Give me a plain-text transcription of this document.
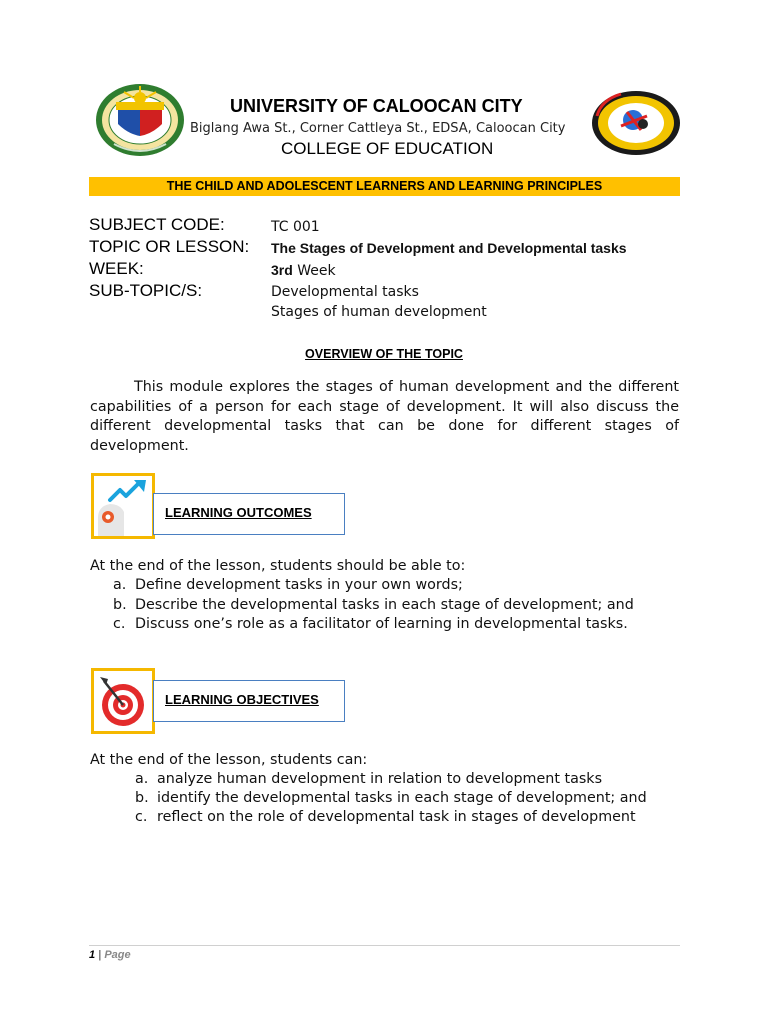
UNIVERSITY OF CALOOCAN CITY
Biglang Awa St., Corner Cattleya St., EDSA, Caloocan City
COLLEGE OF EDUCATION
THE CHILD AND ADOLESCENT LEARNERS AND LEARNING PRINCIPLES
SUBJECT CODE:	TC 001
TOPIC OR LESSON: The Stages of Development and Developmental tasks
WEEK:	3rd Week
SUB-TOPIC/S:	Developmental tasks
Stages of human development
OVERVIEW OF THE TOPIC
This module explores the stages of human development and the different capabilities of a person for each stage of development. It will also discuss the different developmental tasks that can be done for different stages of development.
LEARNING OUTCOMES
At the end of the lesson, students should be able to:
a. Define development tasks in your own words;
b. Describe the developmental tasks in each stage of development; and
c. Discuss one’s role as a facilitator of learning in developmental tasks.
LEARNING OBJECTIVES
At the end of the lesson, students can:
a. analyze human development in relation to development tasks
b. identify the developmental tasks in each stage of development; and
c. reflect on the role of developmental task in stages of development
1 | Page
